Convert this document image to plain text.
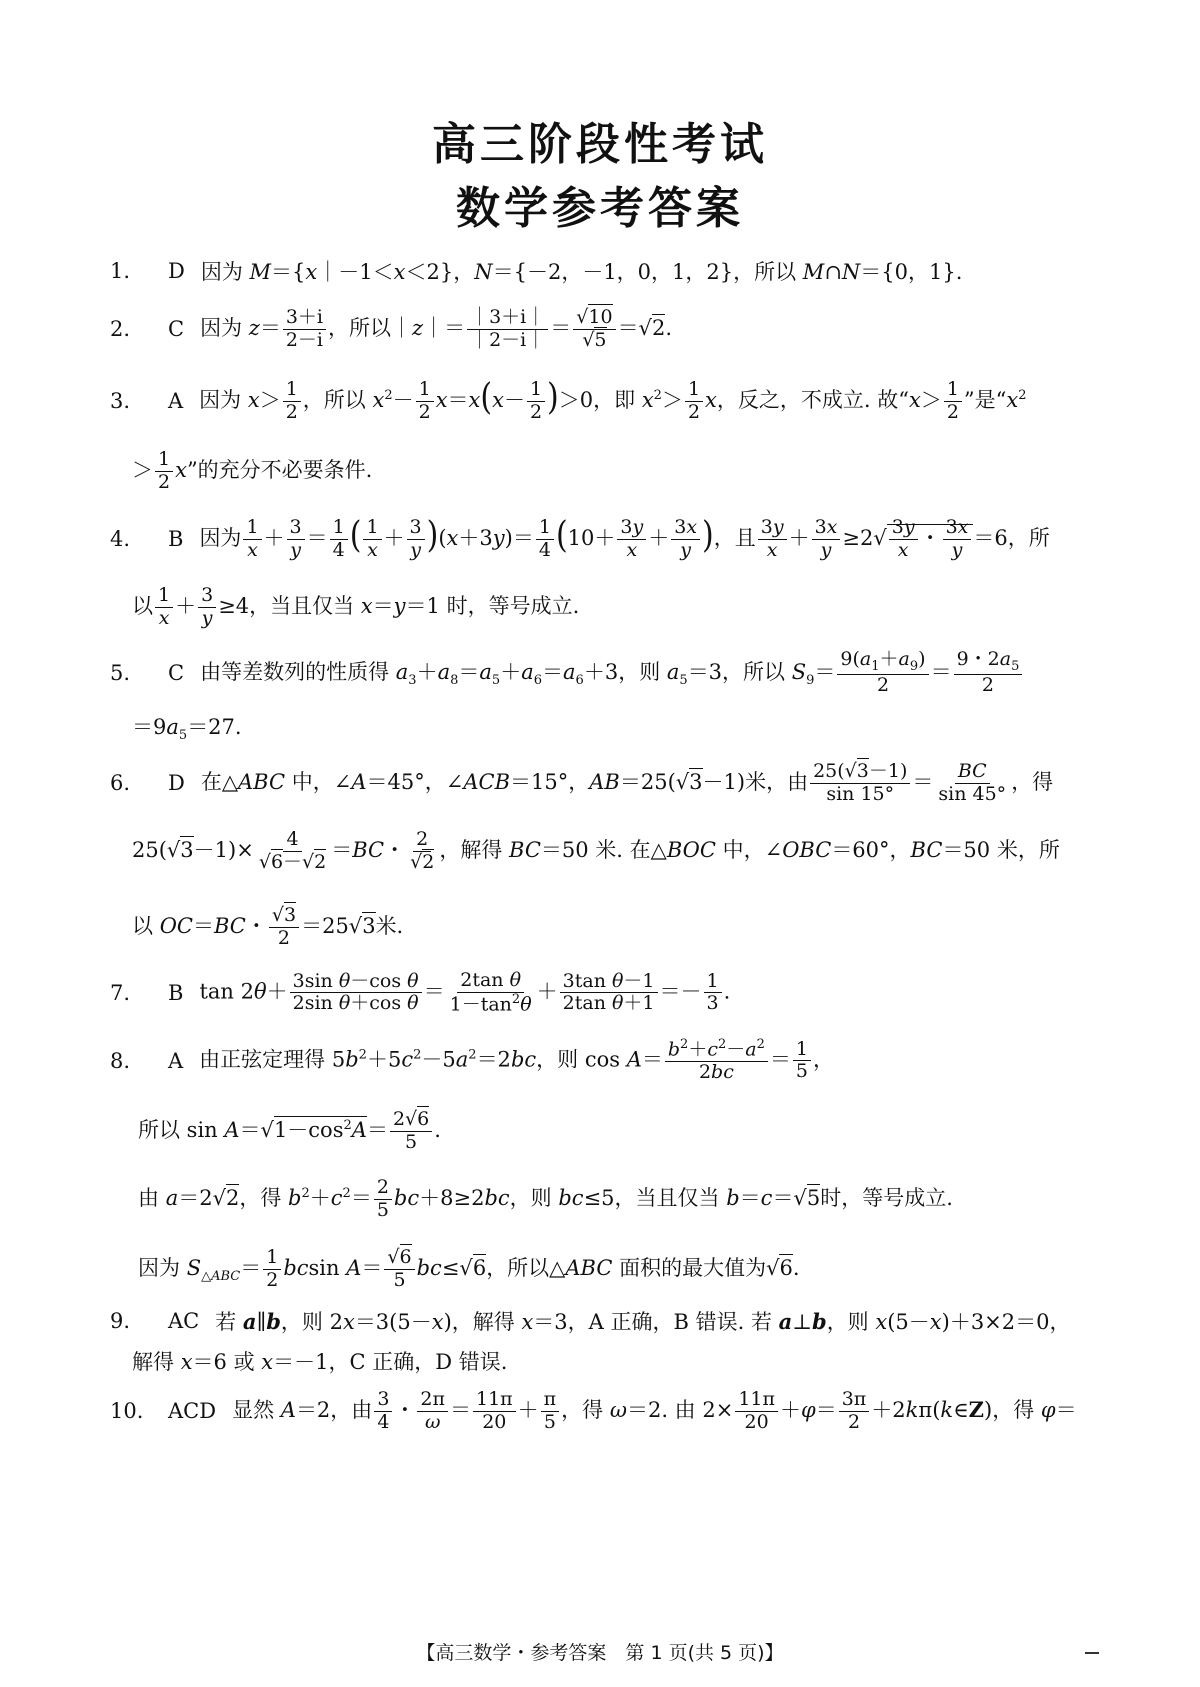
高三阶段性考试
数学参考答案
1.	D 因为 M＝{x｜－1＜x＜2}，N＝{－2，－1，0，1，2}，所以 M∩N＝{0，1}.
2.	C 因为 $z= \frac{3+i}{2-i}$ ，所以｜z｜＝ $\frac{|3+i|}{|2-i|} = \frac{√10}{√5} =√2$.
3.	A 因为 $x> \frac{1}{2}$ ，所以 $x^2- \frac{1}{2} x=x(x- \frac{1}{2} )>0$，即 $x^2> \frac{1}{2}$ x，反之，不成立. 故“$x> \frac{1}{2}$ ”是“$x^2$
＞ $\frac{1}{2} x$”的充分不必要条件.
4.	B 因为 $\frac{1}{x} + \frac{3}{y} = \frac{1}{4}$ ( $\frac{1}{x} + \frac{3}{y} )(x+3y)= \frac{1}{4} (10+ \frac{3y}{x} + \frac{3x}{y}$ )，且 $\frac{3y}{x} + \frac{3x}{y} \ge 2√ \frac{3y}{x}$ ・ $\frac{3x}{y} =6$，所
以 $\frac{1}{x} + \frac{3}{y} \ge 4$，当且仅当 x＝y＝1 时，等号成立.
5.	C 由等差数列的性质得 $a_3+a_8=a_5+a_6=a_6+3$，则 $a_5=3$，所以 $S_9= \frac{9(a_1+a_9)}{2} = \frac{9・2a_5}{2}$
$=9a_5=27$.
6.	D 在△ABC 中，∠A＝45°，∠ACB＝15°，AB＝25(√3－1)米，由 $\frac{25(√3-1)}{\sin 15^\circ} = \frac{BC}{\sin 45^\circ}$ ，得
$25(√3-1)\times \frac{4}{√6-√2} =BC$・ $\frac{2}{√2}$ ，解得 BC＝50 米. 在△BOC 中，∠OBC＝60°，BC＝50 米，所
以 OC＝BC・ $\frac{√3}{2} =25√3$米.
7.	B $\tan 2\theta+ \frac{\text{3sin θ－cos θ}}{\text{2sin θ＋cos θ}} = \frac{\text{2tan θ}}{1-\tan^2\theta} + \frac{\text{3tan θ－1}}{\text{2tan θ＋1}} =- \frac{1}{3}$ .
8.	A 由正弦定理得 $5b^2+5c^2-5a^2=2bc$，则 $\cos A= \frac{b^2+c^2-a^2}{2bc} = \frac{1}{5}$ ，
所以 $\sin A=√1-\cos^2A= \frac{2√6}{5}$ .
由 a＝2√2，得 $b^2+c^2= \frac{2}{5} bc+8\ge 2bc$，则 bc≤5，当且仅当 b＝c＝√5时，等号成立.
因为 $S_{\triangle ABC}= \frac{1}{2}$ bcsin $A= \frac{√6}{5} bc\le√6$，所以△ABC 面积的最大值为√6.
9.	AC 若 a∥b，则 2x＝3(5－x)，解得 x＝3，A 正确，B 错误. 若 a⊥b，则 x(5－x)＋3×2＝0，
解得 x＝6 或 x＝－1，C 正确，D 错误.
10.	ACD 显然 A＝2，由 $\frac{3}{4}$ ・ $\frac{2\pi}{\omega} = \frac{11\pi}{20} + \frac{\pi}{5}$ ，得 ω＝2. 由 $2\times \frac{11\pi}{20} +\varphi= \frac{3\pi}{2}$ ＋2kπ(k∈Z)，得 φ＝
【高三数学・参考答案　第 1 页(共 5 页)】
